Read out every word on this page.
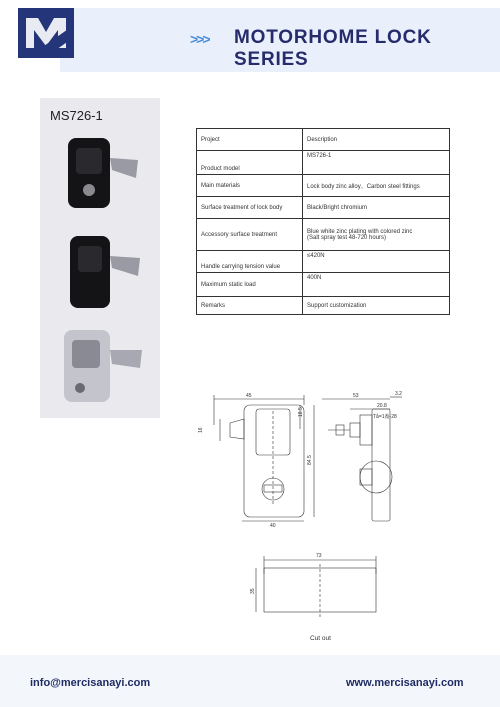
>>> MOTORHOME LOCK SERIES
MS726-1
Project	Description
Product model	MS726-1
Main materials	Lock body zinc alloy、Carbon steel fittings
Surface treatment of lock body	Black/Bright chromium
Accessory surface treatment	Blue white zinc plating with colored zinc
(Salt spray test 48-720 hours)
Handle carrying tension value	≤420N
Maximum static load	400N
Remarks	Support customization
45
18.5
16
84.5
40
53	3.2
20.8
Tå=1鲞-28
73
35
Cut out
info@mercisanayi.com	www.mercisanayi.com
